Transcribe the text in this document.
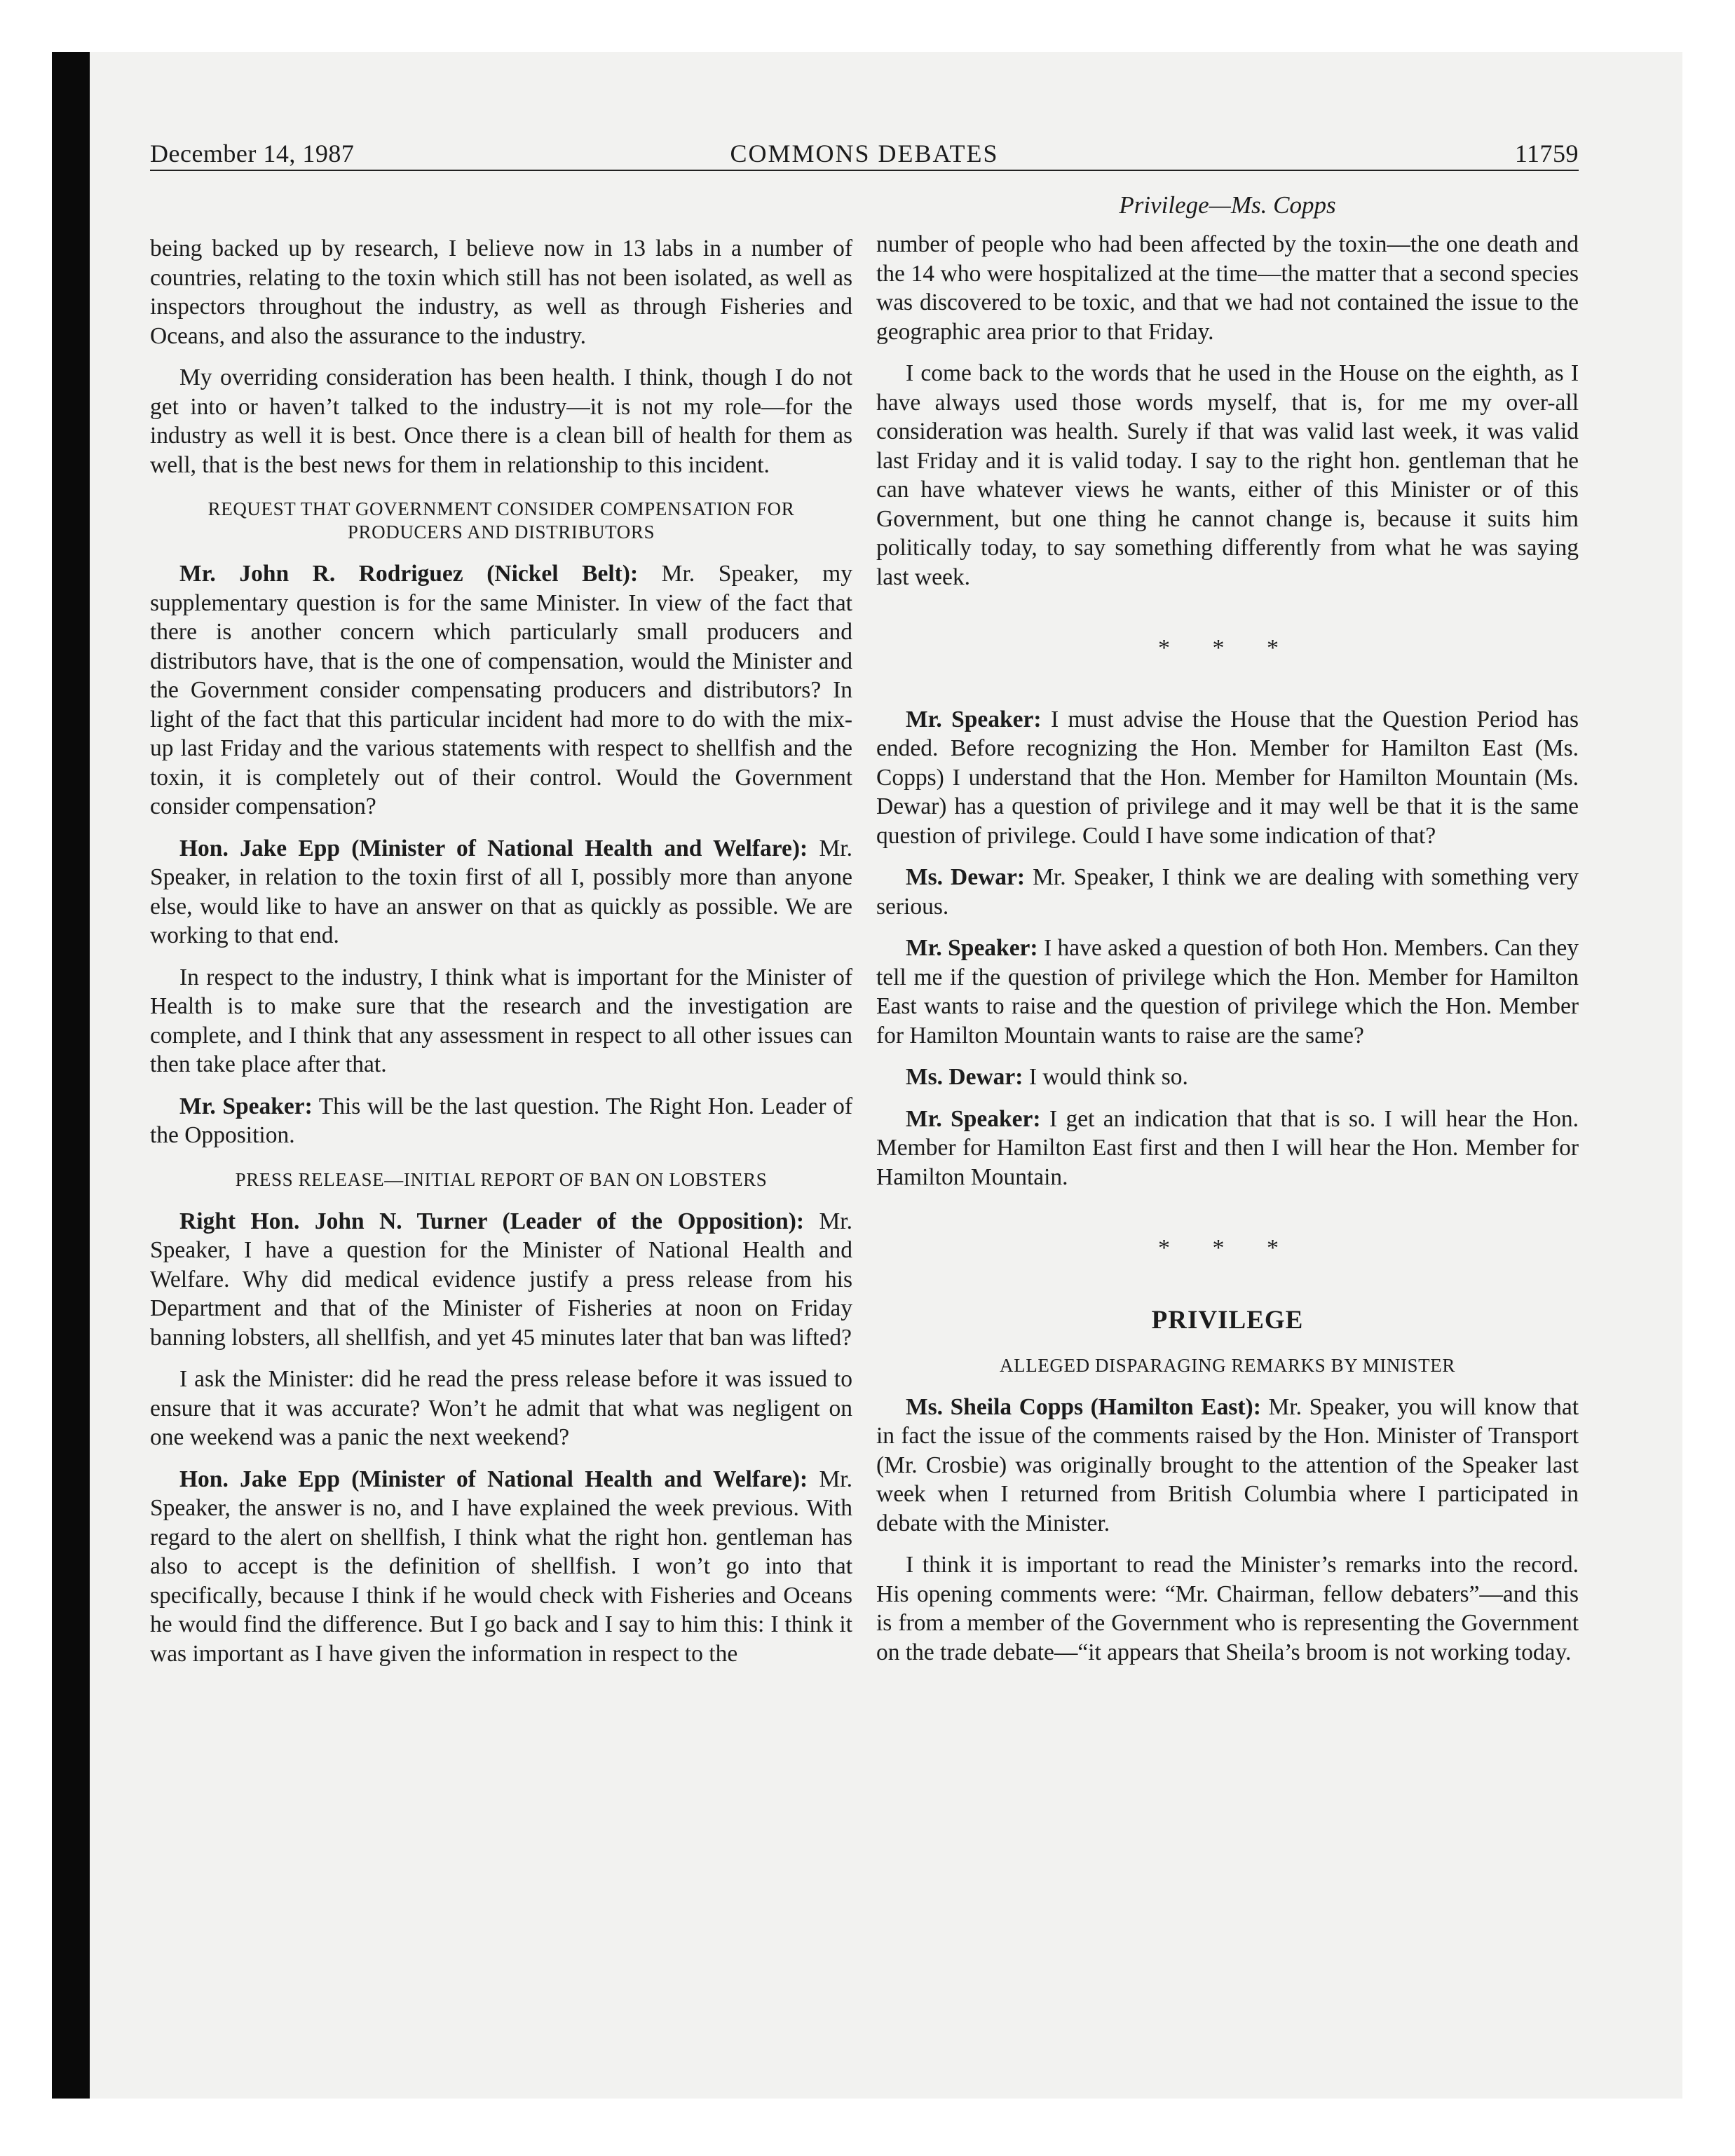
December 14, 1987	COMMONS DEBATES	11759

being backed up by research, I believe now in 13 labs in a number of countries, relating to the toxin which still has not been isolated, as well as inspectors throughout the industry, as well as through Fisheries and Oceans, and also the assurance to the industry.

My overriding consideration has been health. I think, though I do not get into or haven’t talked to the industry—it is not my role—for the industry as well it is best. Once there is a clean bill of health for them as well, that is the best news for them in relationship to this incident.

REQUEST THAT GOVERNMENT CONSIDER COMPENSATION FOR PRODUCERS AND DISTRIBUTORS

Mr. John R. Rodriguez (Nickel Belt): Mr. Speaker, my supplementary question is for the same Minister. In view of the fact that there is another concern which particularly small producers and distributors have, that is the one of compensation, would the Minister and the Government consider compensating producers and distributors? In light of the fact that this particular incident had more to do with the mix-up last Friday and the various statements with respect to shellfish and the toxin, it is completely out of their control. Would the Government consider compensation?

Hon. Jake Epp (Minister of National Health and Welfare): Mr. Speaker, in relation to the toxin first of all I, possibly more than anyone else, would like to have an answer on that as quickly as possible. We are working to that end.

In respect to the industry, I think what is important for the Minister of Health is to make sure that the research and the investigation are complete, and I think that any assessment in respect to all other issues can then take place after that.

Mr. Speaker: This will be the last question. The Right Hon. Leader of the Opposition.

PRESS RELEASE—INITIAL REPORT OF BAN ON LOBSTERS

Right Hon. John N. Turner (Leader of the Opposition): Mr. Speaker, I have a question for the Minister of National Health and Welfare. Why did medical evidence justify a press release from his Department and that of the Minister of Fisheries at noon on Friday banning lobsters, all shellfish, and yet 45 minutes later that ban was lifted?

I ask the Minister: did he read the press release before it was issued to ensure that it was accurate? Won’t he admit that what was negligent on one weekend was a panic the next weekend?

Hon. Jake Epp (Minister of National Health and Welfare): Mr. Speaker, the answer is no, and I have explained the week previous. With regard to the alert on shellfish, I think what the right hon. gentleman has also to accept is the definition of shellfish. I won’t go into that specifically, because I think if he would check with Fisheries and Oceans he would find the difference. But I go back and I say to him this: I think it was important as I have given the information in respect to the

Privilege—Ms. Copps

number of people who had been affected by the toxin—the one death and the 14 who were hospitalized at the time—the matter that a second species was discovered to be toxic, and that we had not contained the issue to the geographic area prior to that Friday.

I come back to the words that he used in the House on the eighth, as I have always used those words myself, that is, for me my over-all consideration was health. Surely if that was valid last week, it was valid last Friday and it is valid today. I say to the right hon. gentleman that he can have whatever views he wants, either of this Minister or of this Government, but one thing he cannot change is, because it suits him politically today, to say something differently from what he was saying last week.

* * *

Mr. Speaker: I must advise the House that the Question Period has ended. Before recognizing the Hon. Member for Hamilton East (Ms. Copps) I understand that the Hon. Member for Hamilton Mountain (Ms. Dewar) has a question of privilege and it may well be that it is the same question of privilege. Could I have some indication of that?

Ms. Dewar: Mr. Speaker, I think we are dealing with something very serious.

Mr. Speaker: I have asked a question of both Hon. Members. Can they tell me if the question of privilege which the Hon. Member for Hamilton East wants to raise and the question of privilege which the Hon. Member for Hamilton Mountain wants to raise are the same?

Ms. Dewar: I would think so.

Mr. Speaker: I get an indication that that is so. I will hear the Hon. Member for Hamilton East first and then I will hear the Hon. Member for Hamilton Mountain.

* * *
PRIVILEGE
ALLEGED DISPARAGING REMARKS BY MINISTER

Ms. Sheila Copps (Hamilton East): Mr. Speaker, you will know that in fact the issue of the comments raised by the Hon. Minister of Transport (Mr. Crosbie) was originally brought to the attention of the Speaker last week when I returned from British Columbia where I participated in debate with the Minister.

I think it is important to read the Minister’s remarks into the record. His opening comments were: “Mr. Chairman, fellow debaters”—and this is from a member of the Government who is representing the Government on the trade debate—“it appears that Sheila’s broom is not working today.
